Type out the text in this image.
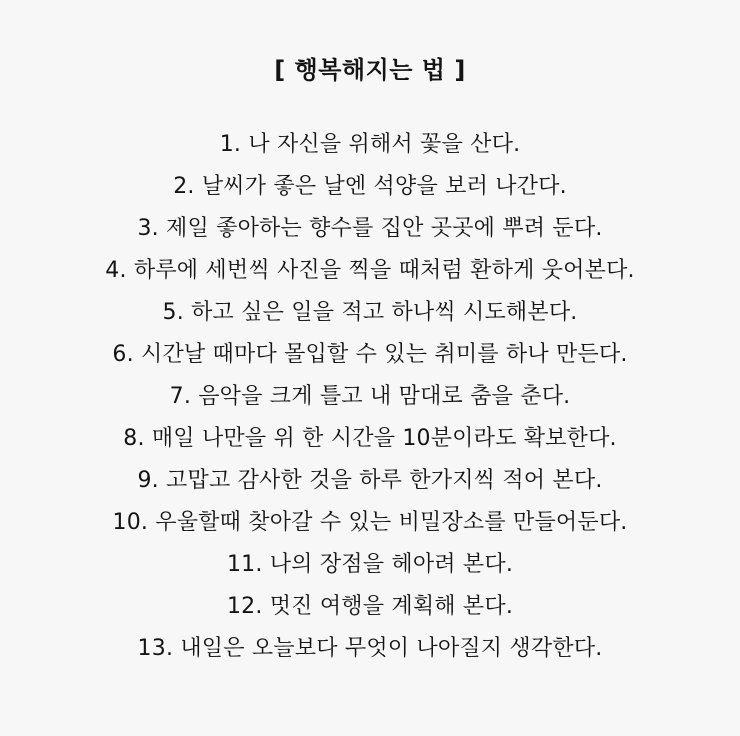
[ 행복해지는 법 ]
1. 나 자신을 위해서 꽃을 산다.
2. 날씨가 좋은 날엔 석양을 보러 나간다.
3. 제일 좋아하는 향수를 집안 곳곳에 뿌려 둔다.
4. 하루에 세번씩 사진을 찍을 때처럼 환하게 웃어본다.
5. 하고 싶은 일을 적고 하나씩 시도해본다.
6. 시간날 때마다 몰입할 수 있는 취미를 하나 만든다.
7. 음악을 크게 틀고 내 맘대로 춤을 춘다.
8. 매일 나만을 위 한 시간을 10분이라도 확보한다.
9. 고맙고 감사한 것을 하루 한가지씩 적어 본다.
10. 우울할때 찾아갈 수 있는 비밀장소를 만들어둔다.
11. 나의 장점을 헤아려 본다.
12. 멋진 여행을 계획해 본다.
13. 내일은 오늘보다 무엇이 나아질지 생각한다.
